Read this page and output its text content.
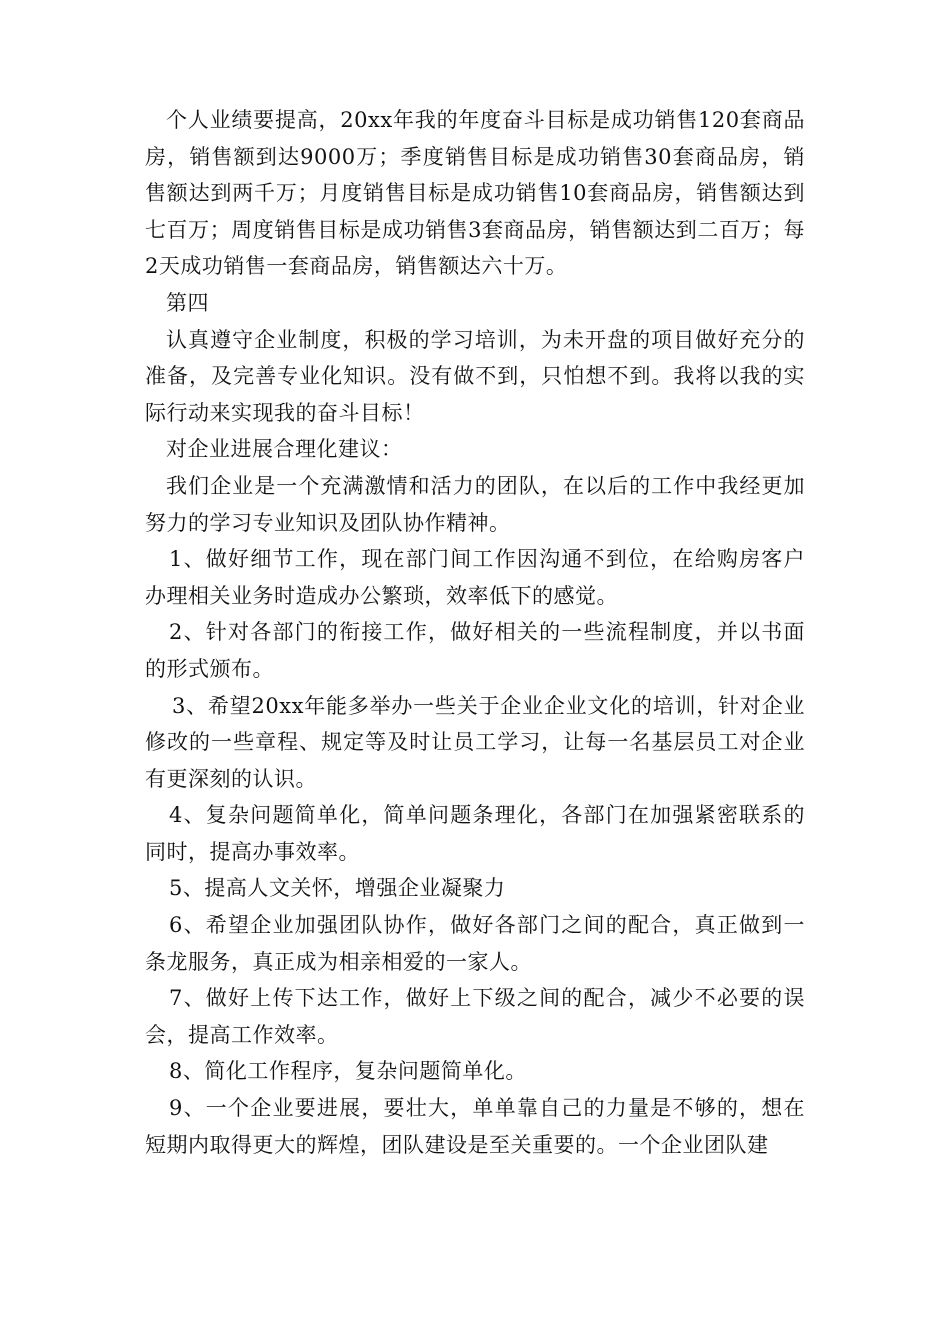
个人业绩要提高，20xx年我的年度奋斗目标是成功销售120套商品房，销售额到达9000万；季度销售目标是成功销售30套商品房，销售额达到两千万；月度销售目标是成功销售10套商品房，销售额达到七百万；周度销售目标是成功销售3套商品房，销售额达到二百万；每2天成功销售一套商品房，销售额达六十万。

第四

认真遵守企业制度，积极的学习培训，为未开盘的项目做好充分的准备，及完善专业化知识。没有做不到，只怕想不到。我将以我的实际行动来实现我的奋斗目标！

对企业进展合理化建议：

我们企业是一个充满激情和活力的团队，在以后的工作中我经更加努力的学习专业知识及团队协作精神。

1、做好细节工作，现在部门间工作因沟通不到位，在给购房客户办理相关业务时造成办公繁琐，效率低下的感觉。

2、针对各部门的衔接工作，做好相关的一些流程制度，并以书面的形式颁布。

3、希望20xx年能多举办一些关于企业企业文化的培训，针对企业修改的一些章程、规定等及时让员工学习，让每一名基层员工对企业有更深刻的认识。

4、复杂问题简单化，简单问题条理化，各部门在加强紧密联系的同时，提高办事效率。

5、提高人文关怀，增强企业凝聚力

6、希望企业加强团队协作，做好各部门之间的配合，真正做到一条龙服务，真正成为相亲相爱的一家人。

7、做好上传下达工作，做好上下级之间的配合，减少不必要的误会，提高工作效率。

8、简化工作程序，复杂问题简单化。

9、一个企业要进展，要壮大，单单靠自己的力量是不够的，想在短期内取得更大的辉煌，团队建设是至关重要的。一个企业团队建
